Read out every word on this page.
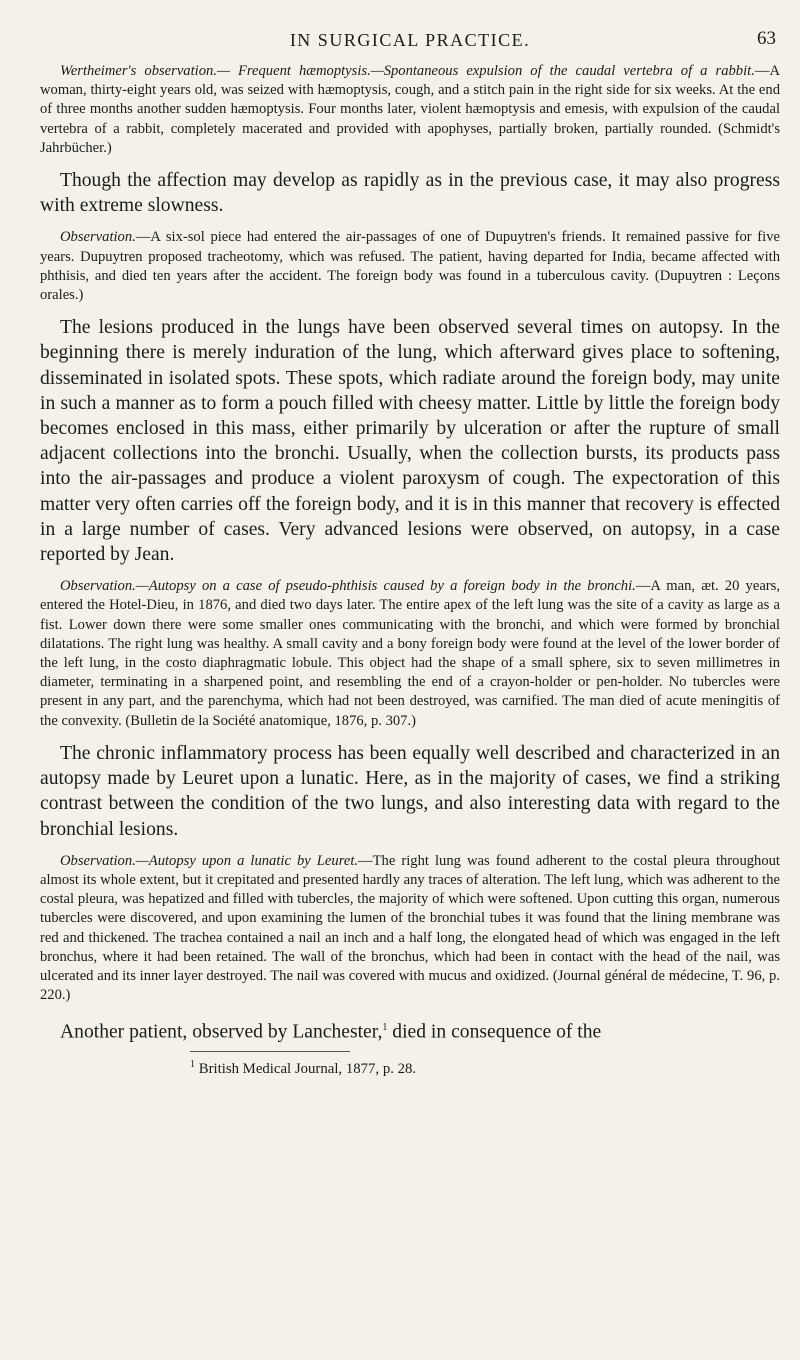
IN SURGICAL PRACTICE.	63

Wertheimer's observation.— Frequent hæmoptysis.—Spontaneous expulsion of the caudal vertebra of a rabbit.—A woman, thirty-eight years old, was seized with hæmoptysis, cough, and a stitch pain in the right side for six weeks. At the end of three months another sudden hæmoptysis. Four months later, violent hæmoptysis and emesis, with expulsion of the caudal vertebra of a rabbit, completely macerated and provided with apophyses, partially broken, partially rounded. (Schmidt's Jahrbücher.)

Though the affection may develop as rapidly as in the previous case, it may also progress with extreme slowness.

Observation.—A six-sol piece had entered the air-passages of one of Dupuytren's friends. It remained passive for five years. Dupuytren proposed tracheotomy, which was refused. The patient, having departed for India, became affected with phthisis, and died ten years after the accident. The foreign body was found in a tuberculous cavity. (Dupuytren : Leçons orales.)

The lesions produced in the lungs have been observed several times on autopsy. In the beginning there is merely induration of the lung, which afterward gives place to softening, disseminated in isolated spots. These spots, which radiate around the foreign body, may unite in such a manner as to form a pouch filled with cheesy matter. Little by little the foreign body becomes enclosed in this mass, either primarily by ulceration or after the rupture of small adjacent collections into the bronchi. Usually, when the collection bursts, its products pass into the air-passages and produce a violent paroxysm of cough. The expectoration of this matter very often carries off the foreign body, and it is in this manner that recovery is effected in a large number of cases. Very advanced lesions were observed, on autopsy, in a case reported by Jean.

Observation.—Autopsy on a case of pseudo-phthisis caused by a foreign body in the bronchi.—A man, æt. 20 years, entered the Hotel-Dieu, in 1876, and died two days later. The entire apex of the left lung was the site of a cavity as large as a fist. Lower down there were some smaller ones communicating with the bronchi, and which were formed by bronchial dilatations. The right lung was healthy. A small cavity and a bony foreign body were found at the level of the lower border of the left lung, in the costo diaphragmatic lobule. This object had the shape of a small sphere, six to seven millimetres in diameter, terminating in a sharpened point, and resembling the end of a crayon-holder or pen-holder. No tubercles were present in any part, and the parenchyma, which had not been destroyed, was carnified. The man died of acute meningitis of the convexity. (Bulletin de la Société anatomique, 1876, p. 307.)

The chronic inflammatory process has been equally well described and characterized in an autopsy made by Leuret upon a lunatic. Here, as in the majority of cases, we find a striking contrast between the condition of the two lungs, and also interesting data with regard to the bronchial lesions.

Observation.—Autopsy upon a lunatic by Leuret.—The right lung was found adherent to the costal pleura throughout almost its whole extent, but it crepitated and presented hardly any traces of alteration. The left lung, which was adherent to the costal pleura, was hepatized and filled with tubercles, the majority of which were softened. Upon cutting this organ, numerous tubercles were discovered, and upon examining the lumen of the bronchial tubes it was found that the lining membrane was red and thickened. The trachea contained a nail an inch and a half long, the elongated head of which was engaged in the left bronchus, where it had been retained. The wall of the bronchus, which had been in contact with the head of the nail, was ulcerated and its inner layer destroyed. The nail was covered with mucus and oxidized. (Journal général de médecine, T. 96, p. 220.)

Another patient, observed by Lanchester,$^1$ died in consequence of the

$^1$ British Medical Journal, 1877, p. 28.
